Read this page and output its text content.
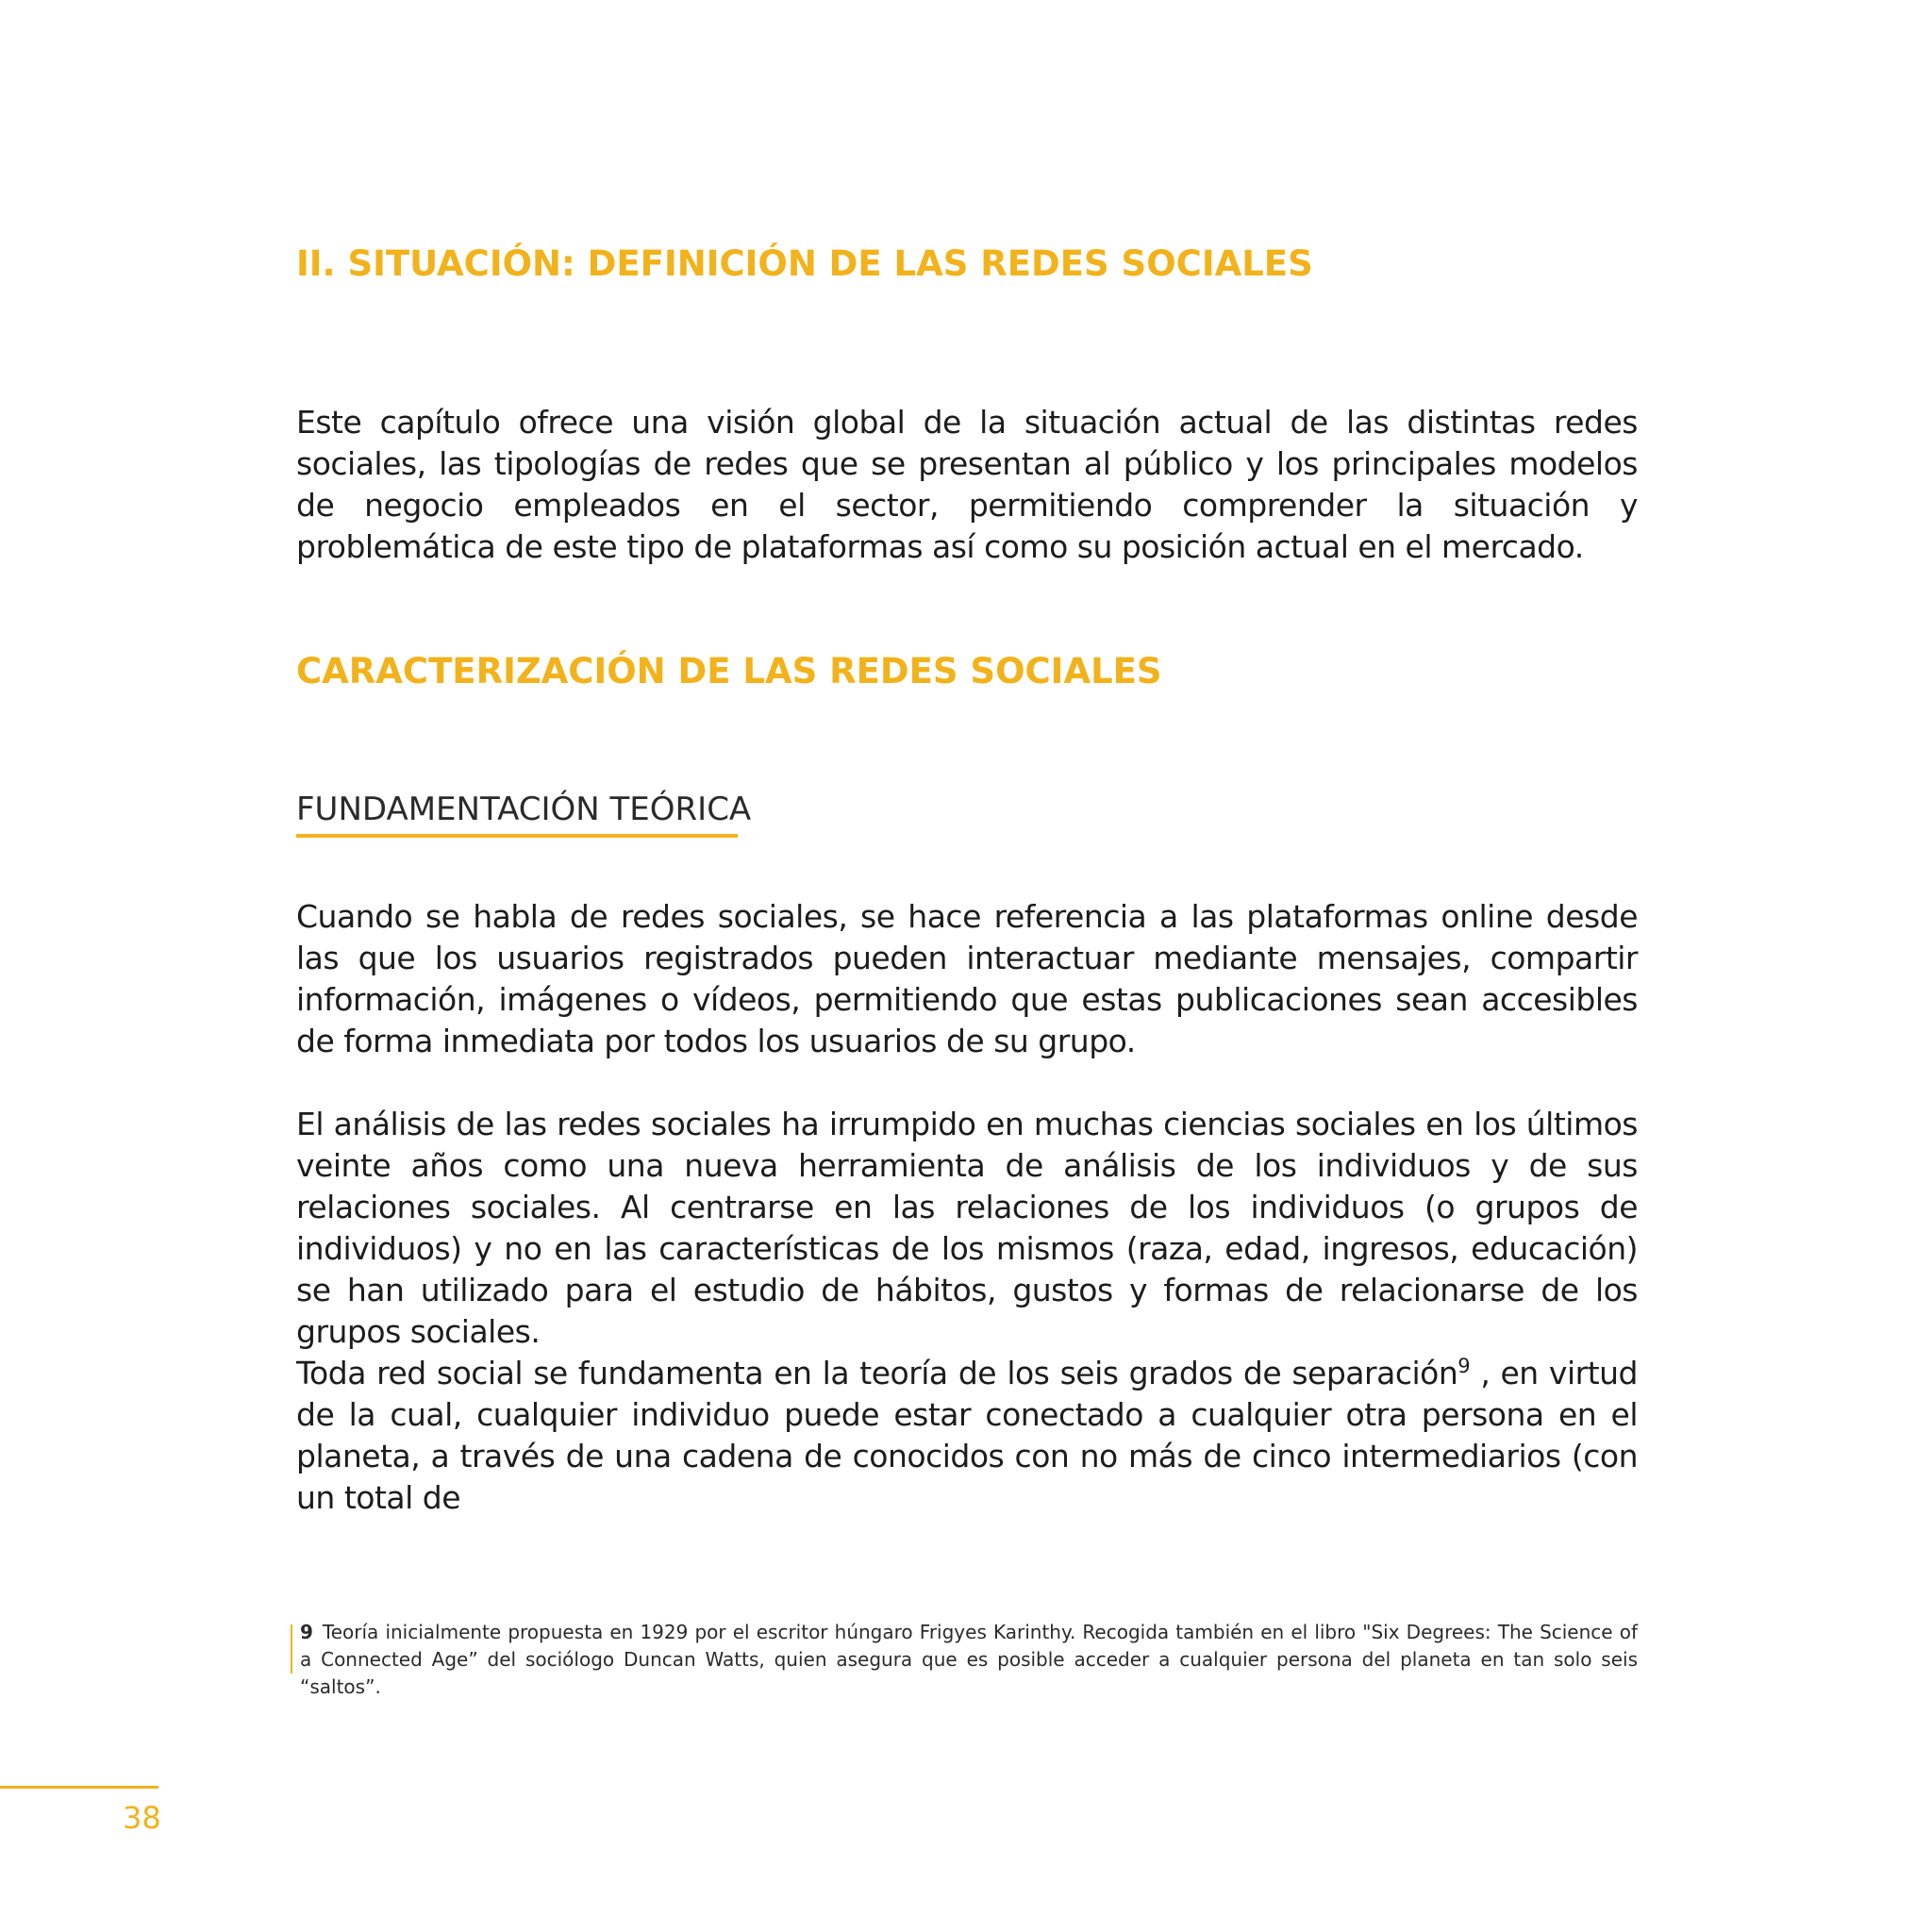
II. SITUACIÓN: DEFINICIÓN DE LAS REDES SOCIALES

Este capítulo ofrece una visión global de la situación actual de las distintas redes sociales, las tipologías de redes que se presentan al público y los principales modelos de negocio empleados en el sector, permitiendo comprender la situación y problemática de este tipo de plataformas así como su posición actual en el mercado.

CARACTERIZACIÓN DE LAS REDES SOCIALES
FUNDAMENTACIÓN TEÓRICA

Cuando se habla de redes sociales, se hace referencia a las plataformas online desde las que los usuarios registrados pueden interactuar mediante mensajes, compartir información, imágenes o vídeos, permitiendo que estas publicaciones sean accesibles de forma inmediata por todos los usuarios de su grupo.

El análisis de las redes sociales ha irrumpido en muchas ciencias sociales en los últimos veinte años como una nueva herramienta de análisis de los individuos y de sus relaciones sociales. Al centrarse en las relaciones de los individuos (o grupos de individuos) y no en las características de los mismos (raza, edad, ingresos, educación) se han utilizado para el estudio de hábitos, gustos y formas de relacionarse de los grupos sociales.

Toda red social se fundamenta en la teoría de los seis grados de separación$^9$ , en virtud de la cual, cualquier individuo puede estar conectado a cualquier otra persona en el planeta, a través de una cadena de conocidos con no más de cinco intermediarios (con un total de

9 Teoría inicialmente propuesta en 1929 por el escritor húngaro Frigyes Karinthy. Recogida también en el libro "Six Degrees: The Science of a Connected Age” del sociólogo Duncan Watts, quien asegura que es posible acceder a cualquier persona del planeta en tan solo seis “saltos”.
38
